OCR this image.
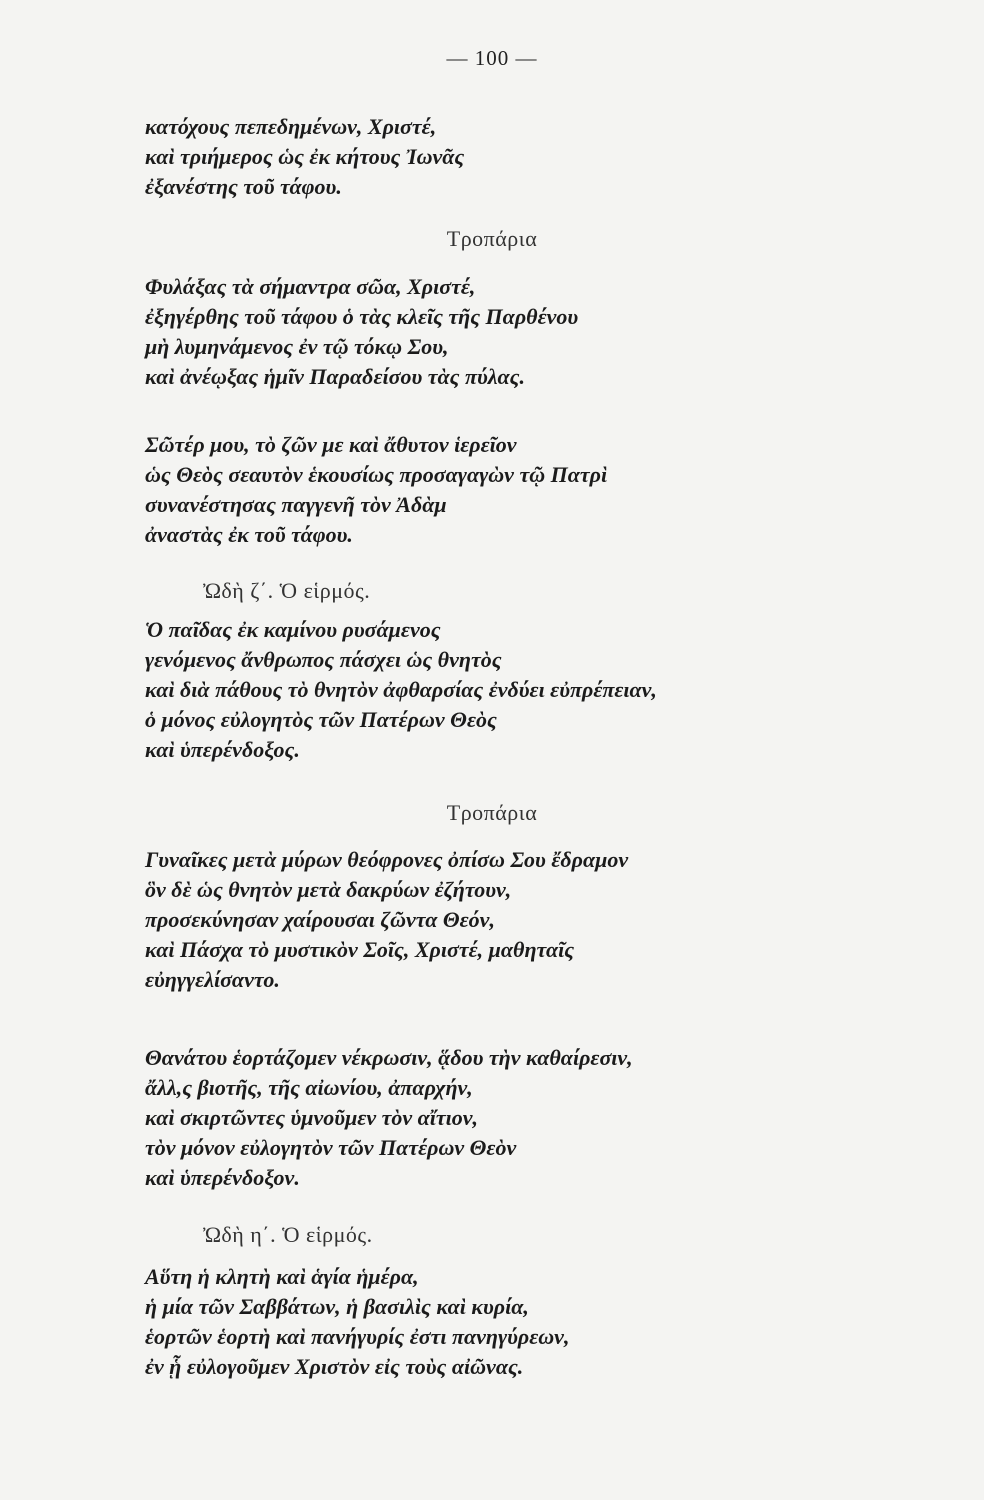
— 100 —
κατόχους πεπεδημένων, Χριστέ,
καὶ τριήμερος ὡς ἐκ κήτους Ἰωνᾶς
ἐξανέστης τοῦ τάφου.
Τροπάρια
Φυλάξας τὰ σήμαντρα σῶα, Χριστέ,
ἐξηγέρθης τοῦ τάφου ὁ τὰς κλεῖς τῆς Παρθένου
μὴ λυμηνάμενος ἐν τῷ τόκῳ Σου,
καὶ ἀνέῳξας ἡμῖν Παραδείσου τὰς πύλας.
Σῶτέρ μου, τὸ ζῶν με καὶ ἄθυτον ἱερεῖον
ὡς Θεὸς σεαυτὸν ἑκουσίως προσαγαγὼν τῷ Πατρὶ
συνανέστησας παγγενῆ τὸν Ἀδὰμ
ἀναστὰς ἐκ τοῦ τάφου.
Ὠδὴ ζ΄. Ὁ εἱρμός.
Ὁ παῖδας ἐκ καμίνου ρυσάμενος
γενόμενος ἄνθρωπος πάσχει ὡς θνητὸς
καὶ διὰ πάθους τὸ θνητὸν ἀφθαρσίας ἐνδύει εὐπρέπειαν,
ὁ μόνος εὐλογητὸς τῶν Πατέρων Θεὸς
καὶ ὑπερένδοξος.
Τροπάρια
Γυναῖκες μετὰ μύρων θεόφρονες ὀπίσω Σου ἔδραμον
ὃν δὲ ὡς θνητὸν μετὰ δακρύων ἐζήτουν,
προσεκύνησαν χαίρουσαι ζῶντα Θεόν,
καὶ Πάσχα τὸ μυστικὸν Σοῖς, Χριστέ, μαθηταῖς
εὐηγγελίσαντο.
Θανάτου ἑορτάζομεν νέκρωσιν, ᾅδου τὴν καθαίρεσιν,
ἄλλ,ς βιοτῆς, τῆς αἰωνίου, ἀπαρχήν,
καὶ σκιρτῶντες ὑμνοῦμεν τὸν αἴτιον,
τὸν μόνον εὐλογητὸν τῶν Πατέρων Θεὸν
καὶ ὑπερένδοξον.
Ὠδὴ η΄. Ὁ εἱρμός.
Αὕτη ἡ κλητὴ καὶ ἁγία ἡμέρα,
ἡ μία τῶν Σαββάτων, ἡ βασιλὶς καὶ κυρία,
ἑορτῶν ἑορτὴ καὶ πανήγυρίς ἐστι πανηγύρεων,
ἐν ᾗ εὐλογοῦμεν Χριστὸν εἰς τοὺς αἰῶνας.
